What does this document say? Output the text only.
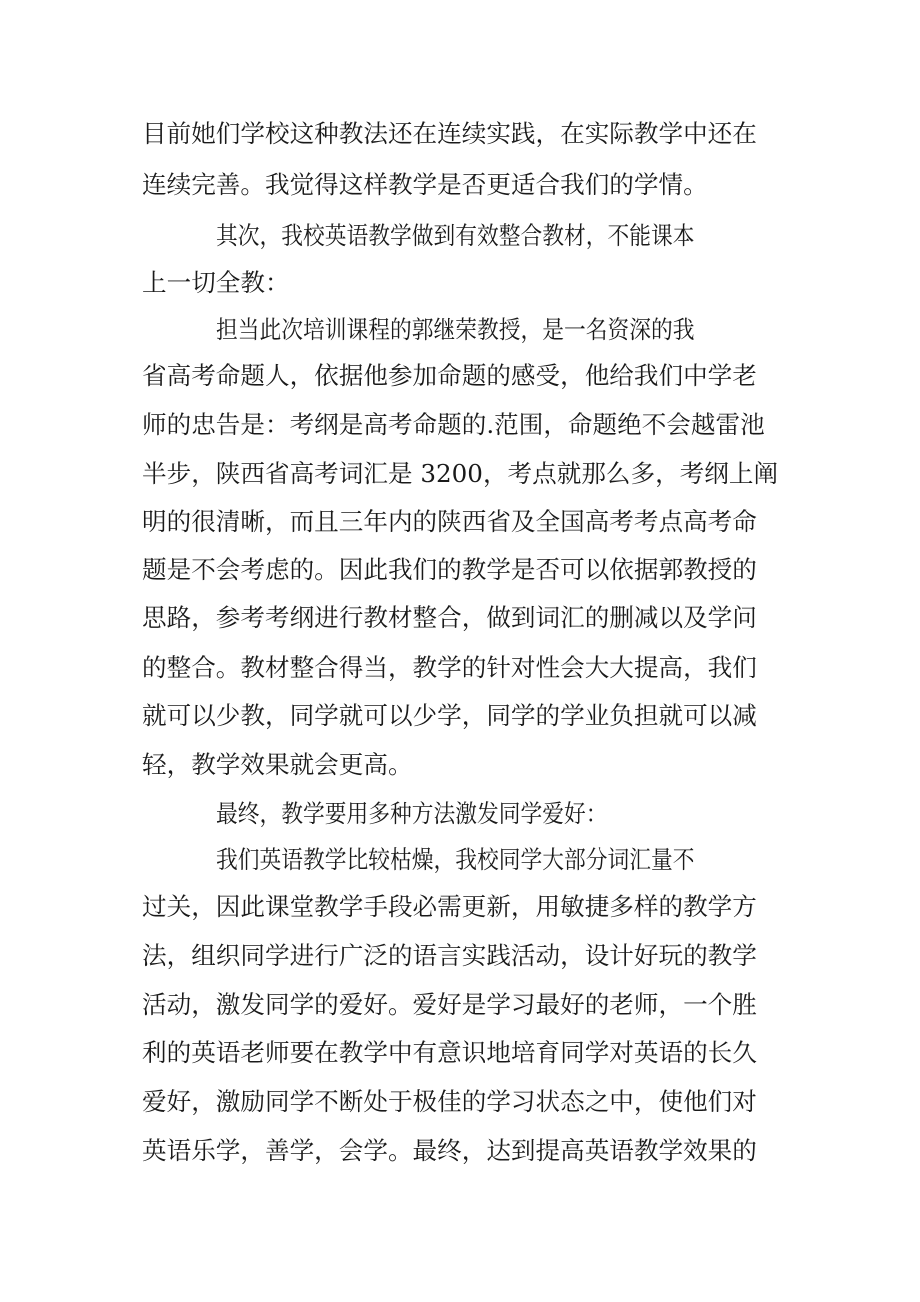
目前她们学校这种教法还在连续实践，在实际教学中还在
连续完善。我觉得这样教学是否更适合我们的学情。
其次，我校英语教学做到有效整合教材，不能课本
上一切全教：
担当此次培训课程的郭继荣教授，是一名资深的我
省高考命题人，依据他参加命题的感受，他给我们中学老
师的忠告是：考纲是高考命题的.范围，命题绝不会越雷池
半步，陕西省高考词汇是 3200，考点就那么多，考纲上阐
明的很清晰，而且三年内的陕西省及全国高考考点高考命
题是不会考虑的。因此我们的教学是否可以依据郭教授的
思路，参考考纲进行教材整合，做到词汇的删减以及学问
的整合。教材整合得当，教学的针对性会大大提高，我们
就可以少教，同学就可以少学，同学的学业负担就可以减
轻，教学效果就会更高。
最终，教学要用多种方法激发同学爱好：
我们英语教学比较枯燥，我校同学大部分词汇量不
过关，因此课堂教学手段必需更新，用敏捷多样的教学方
法，组织同学进行广泛的语言实践活动，设计好玩的教学
活动，激发同学的爱好。爱好是学习最好的老师，一个胜
利的英语老师要在教学中有意识地培育同学对英语的长久
爱好，激励同学不断处于极佳的学习状态之中，使他们对
英语乐学，善学，会学。最终，达到提高英语教学效果的
